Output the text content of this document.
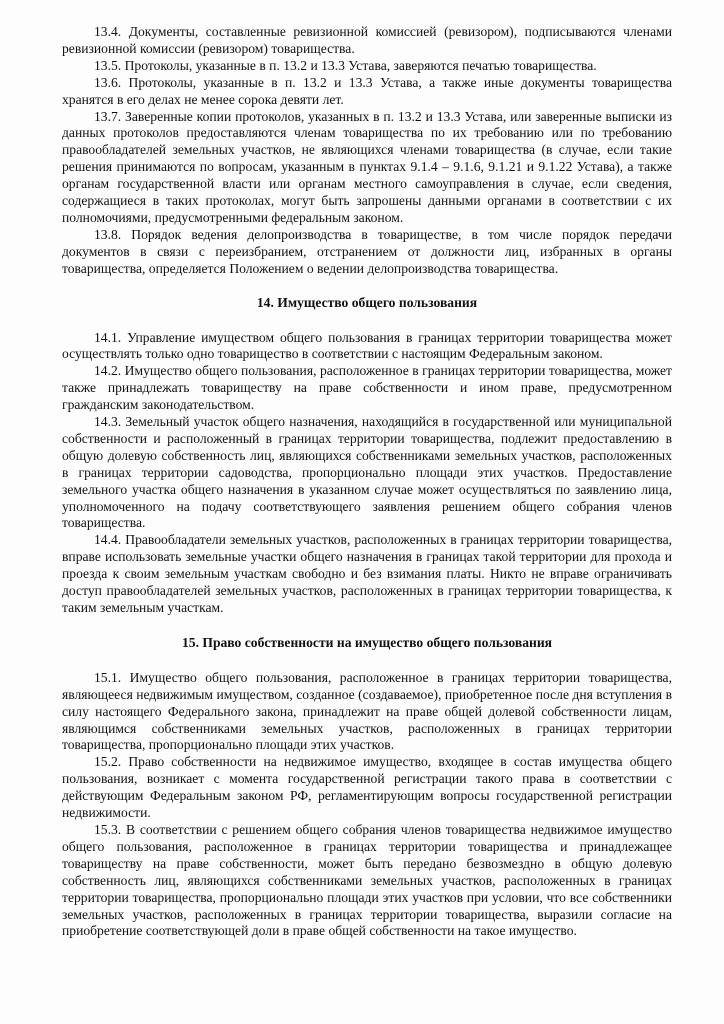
13.4. Документы, составленные ревизионной комиссией (ревизором), подписываются членами ревизионной комиссии (ревизором) товарищества.

13.5. Протоколы, указанные в п. 13.2 и 13.3 Устава, заверяются печатью товарищества.

13.6. Протоколы, указанные в п. 13.2 и 13.3 Устава, а также иные документы товарищества хранятся в его делах не менее сорока девяти лет.

13.7. Заверенные копии протоколов, указанных в п. 13.2 и 13.3 Устава, или заверенные выписки из данных протоколов предоставляются членам товарищества по их требованию или по требованию правообладателей земельных участков, не являющихся членами товарищества (в случае, если такие решения принимаются по вопросам, указанным в пунктах 9.1.4 – 9.1.6, 9.1.21 и 9.1.22 Устава), а также органам государственной власти или органам местного самоуправления в случае, если сведения, содержащиеся в таких протоколах, могут быть запрошены данными органами в соответствии с их полномочиями, предусмотренными федеральным законом.

13.8. Порядок ведения делопроизводства в товариществе, в том числе порядок передачи документов в связи с переизбранием, отстранением от должности лиц, избранных в органы товарищества, определяется Положением о ведении делопроизводства товарищества.

14. Имущество общего пользования

14.1. Управление имуществом общего пользования в границах территории товарищества может осуществлять только одно товарищество в соответствии с настоящим Федеральным законом.

14.2. Имущество общего пользования, расположенное в границах территории товарищества, может также принадлежать товариществу на праве собственности и ином праве, предусмотренном гражданским законодательством.

14.3. Земельный участок общего назначения, находящийся в государственной или муниципальной собственности и расположенный в границах территории товарищества, подлежит предоставлению в общую долевую собственность лиц, являющихся собственниками земельных участков, расположенных в границах территории садоводства, пропорционально площади этих участков. Предоставление земельного участка общего назначения в указанном случае может осуществляться по заявлению лица, уполномоченного на подачу соответствующего заявления решением общего собрания членов товарищества.

14.4. Правообладатели земельных участков, расположенных в границах территории товарищества, вправе использовать земельные участки общего назначения в границах такой территории для прохода и проезда к своим земельным участкам свободно и без взимания платы. Никто не вправе ограничивать доступ правообладателей земельных участков, расположенных в границах территории товарищества, к таким земельным участкам.

15. Право собственности на имущество общего пользования

15.1. Имущество общего пользования, расположенное в границах территории товарищества, являющееся недвижимым имуществом, созданное (создаваемое), приобретенное после дня вступления в силу настоящего Федерального закона, принадлежит на праве общей долевой собственности лицам, являющимся собственниками земельных участков, расположенных в границах территории товарищества, пропорционально площади этих участков.

15.2. Право собственности на недвижимое имущество, входящее в состав имущества общего пользования, возникает с момента государственной регистрации такого права в соответствии с действующим Федеральным законом РФ, регламентирующим вопросы государственной регистрации недвижимости.

15.3. В соответствии с решением общего собрания членов товарищества недвижимое имущество общего пользования, расположенное в границах территории товарищества и принадлежащее товариществу на праве собственности, может быть передано безвозмездно в общую долевую собственность лиц, являющихся собственниками земельных участков, расположенных в границах территории товарищества, пропорционально площади этих участков при условии, что все собственники земельных участков, расположенных в границах территории товарищества, выразили согласие на приобретение соответствующей доли в праве общей собственности на такое имущество.
